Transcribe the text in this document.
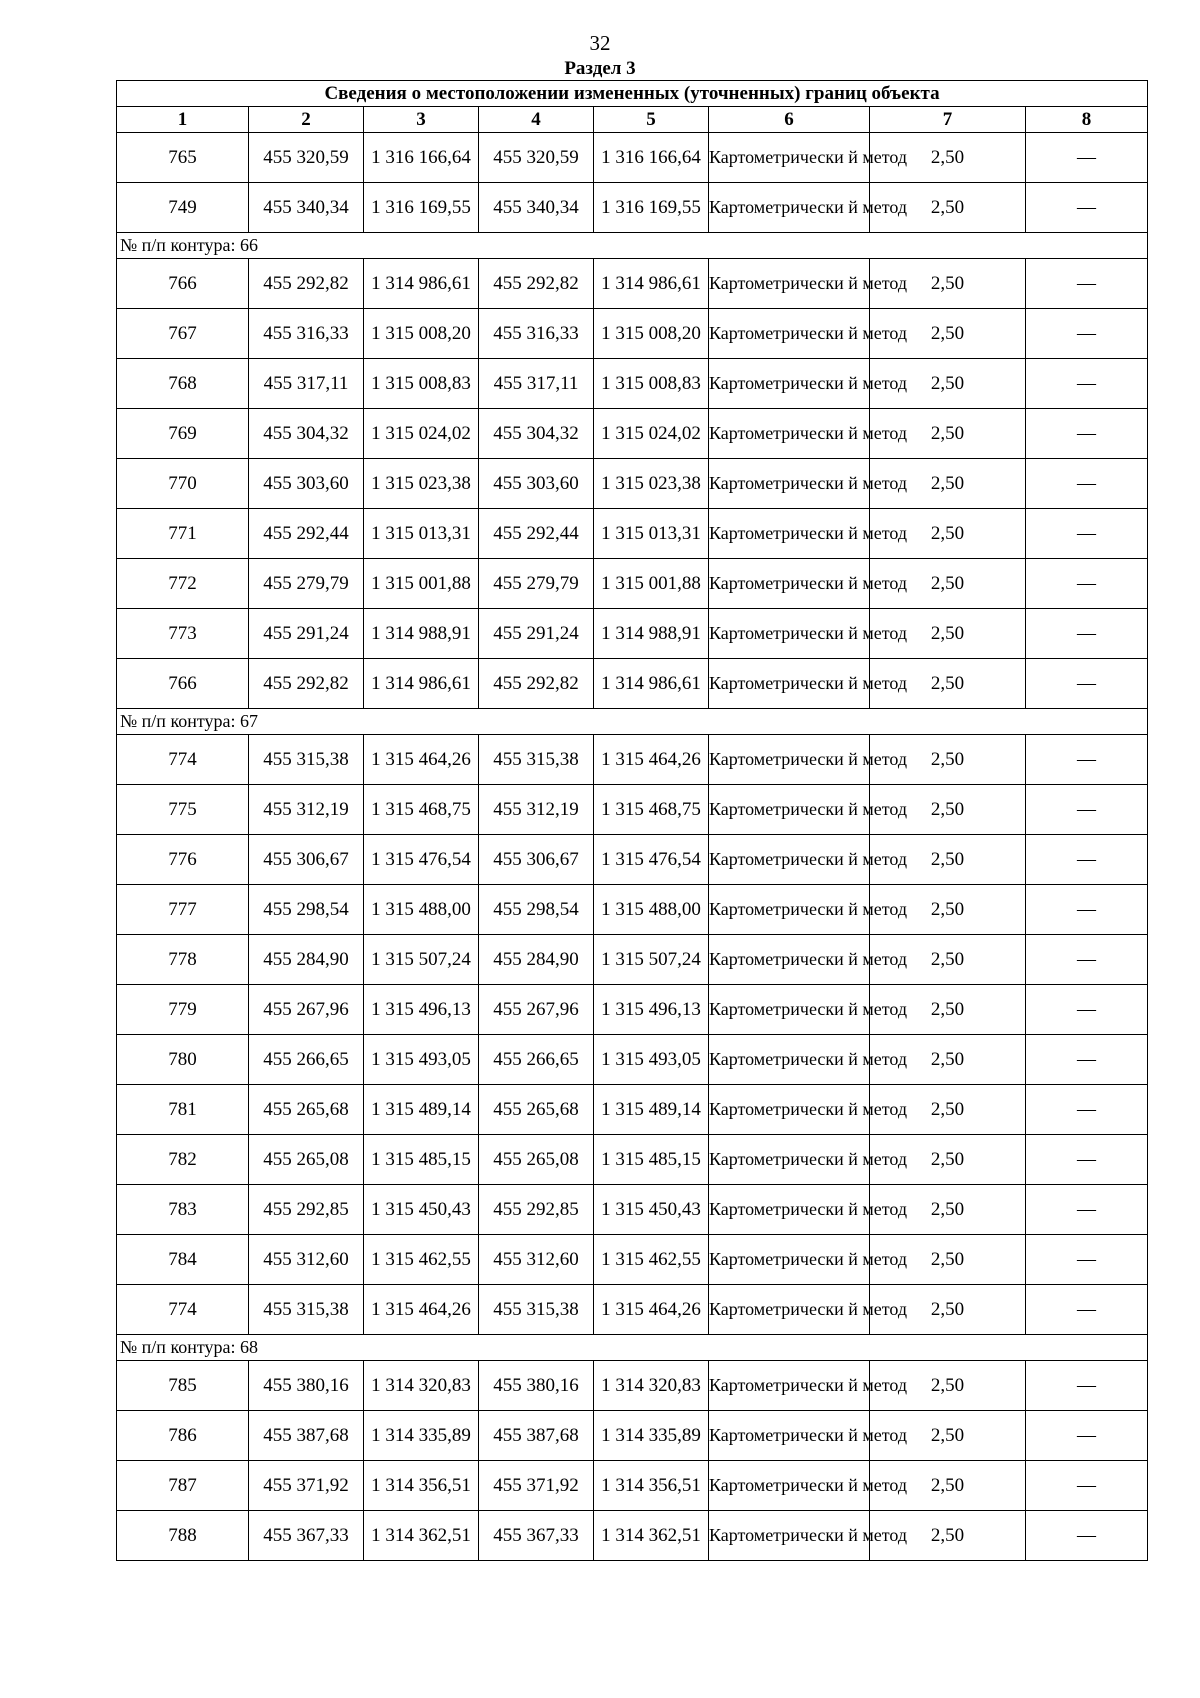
32
Раздел 3
Сведения о местоположении измененных (уточненных) границ объекта							
1	2	3	4	5	6	7	8
765	455 320,59	1 316 166,64	455 320,59	1 316 166,64	Картометрически й метод	2,50	—
749	455 340,34	1 316 169,55	455 340,34	1 316 169,55	Картометрически й метод	2,50	—
№ п/п контура: 66							
766	455 292,82	1 314 986,61	455 292,82	1 314 986,61	Картометрически й метод	2,50	—
767	455 316,33	1 315 008,20	455 316,33	1 315 008,20	Картометрически й метод	2,50	—
768	455 317,11	1 315 008,83	455 317,11	1 315 008,83	Картометрически й метод	2,50	—
769	455 304,32	1 315 024,02	455 304,32	1 315 024,02	Картометрически й метод	2,50	—
770	455 303,60	1 315 023,38	455 303,60	1 315 023,38	Картометрически й метод	2,50	—
771	455 292,44	1 315 013,31	455 292,44	1 315 013,31	Картометрически й метод	2,50	—
772	455 279,79	1 315 001,88	455 279,79	1 315 001,88	Картометрически й метод	2,50	—
773	455 291,24	1 314 988,91	455 291,24	1 314 988,91	Картометрически й метод	2,50	—
766	455 292,82	1 314 986,61	455 292,82	1 314 986,61	Картометрически й метод	2,50	—
№ п/п контура: 67							
774	455 315,38	1 315 464,26	455 315,38	1 315 464,26	Картометрически й метод	2,50	—
775	455 312,19	1 315 468,75	455 312,19	1 315 468,75	Картометрически й метод	2,50	—
776	455 306,67	1 315 476,54	455 306,67	1 315 476,54	Картометрически й метод	2,50	—
777	455 298,54	1 315 488,00	455 298,54	1 315 488,00	Картометрически й метод	2,50	—
778	455 284,90	1 315 507,24	455 284,90	1 315 507,24	Картометрически й метод	2,50	—
779	455 267,96	1 315 496,13	455 267,96	1 315 496,13	Картометрически й метод	2,50	—
780	455 266,65	1 315 493,05	455 266,65	1 315 493,05	Картометрически й метод	2,50	—
781	455 265,68	1 315 489,14	455 265,68	1 315 489,14	Картометрически й метод	2,50	—
782	455 265,08	1 315 485,15	455 265,08	1 315 485,15	Картометрически й метод	2,50	—
783	455 292,85	1 315 450,43	455 292,85	1 315 450,43	Картометрически й метод	2,50	—
784	455 312,60	1 315 462,55	455 312,60	1 315 462,55	Картометрически й метод	2,50	—
774	455 315,38	1 315 464,26	455 315,38	1 315 464,26	Картометрически й метод	2,50	—
№ п/п контура: 68							
785	455 380,16	1 314 320,83	455 380,16	1 314 320,83	Картометрически й метод	2,50	—
786	455 387,68	1 314 335,89	455 387,68	1 314 335,89	Картометрически й метод	2,50	—
787	455 371,92	1 314 356,51	455 371,92	1 314 356,51	Картометрически й метод	2,50	—
788	455 367,33	1 314 362,51	455 367,33	1 314 362,51	Картометрически й метод	2,50	—
